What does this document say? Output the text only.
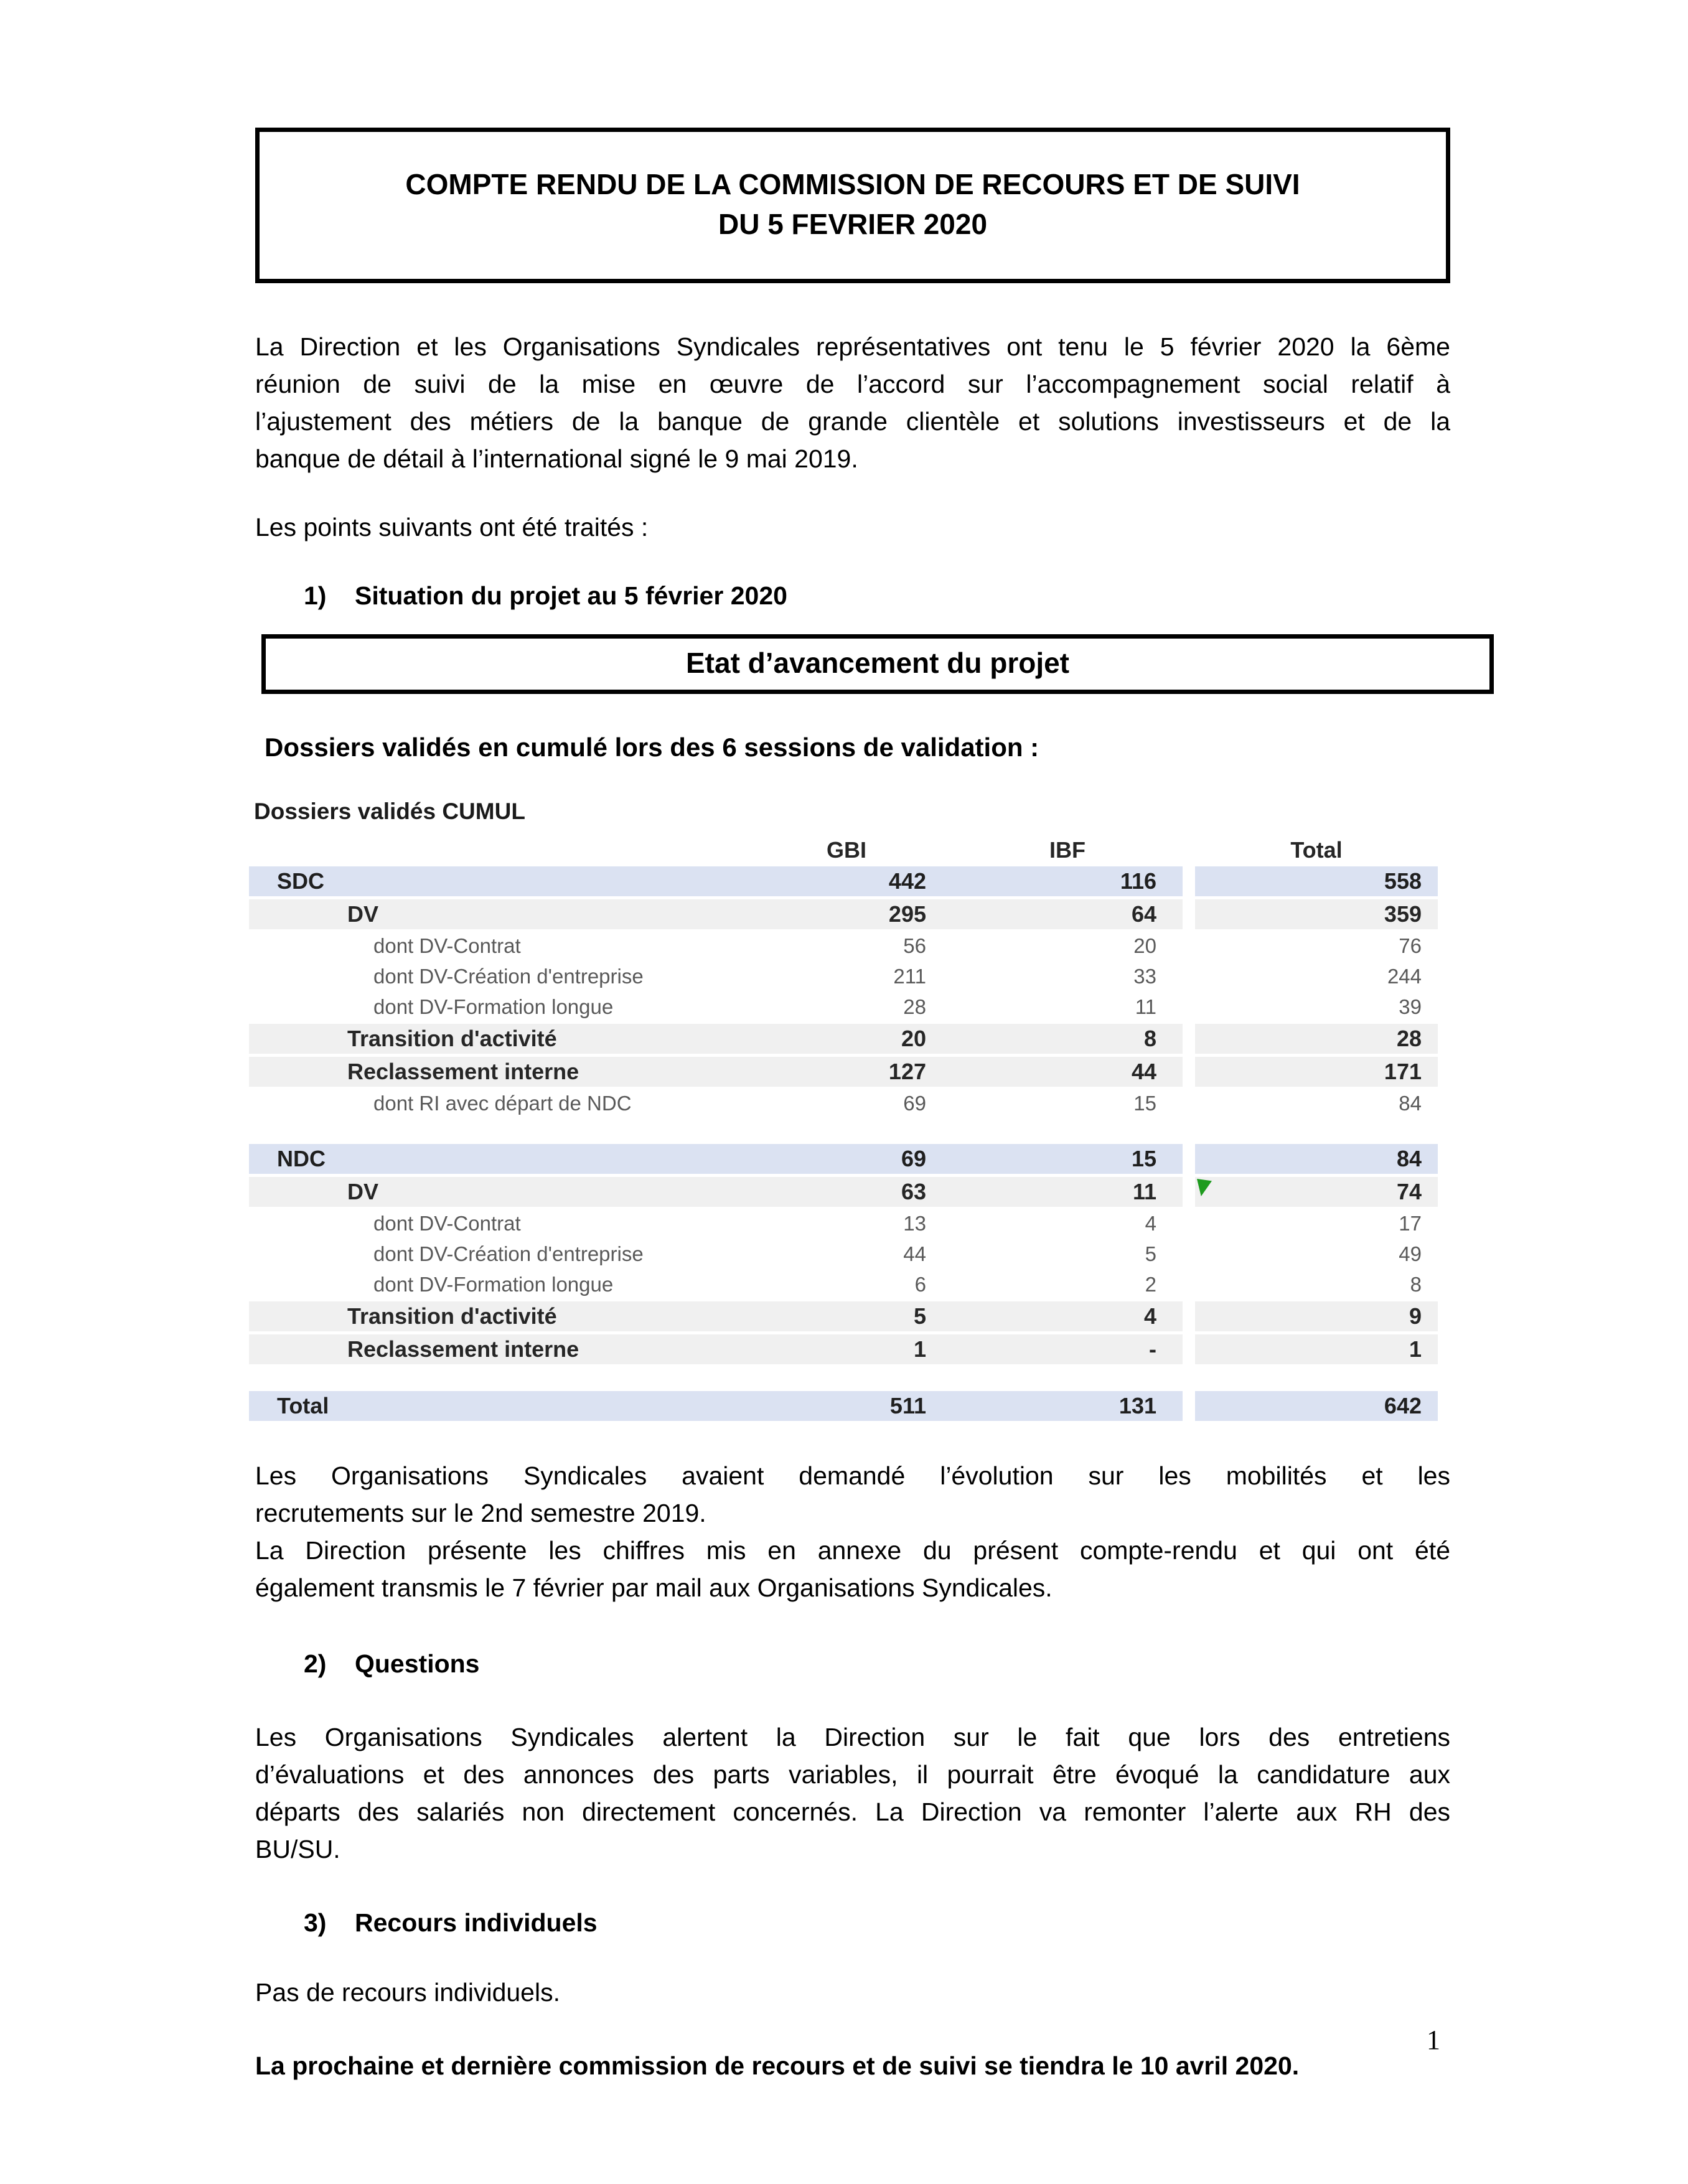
COMPTE RENDU DE LA COMMISSION DE RECOURS ET DE SUIVI
DU 5 FEVRIER 2020
La Direction et les Organisations Syndicales représentatives ont tenu le 5 février 2020 la 6ème
réunion de suivi de la mise en œuvre de l’accord sur l’accompagnement social relatif à
l’ajustement des métiers de la banque de grande clientèle et solutions investisseurs et de la
banque de détail à l’international signé le 9 mai 2019.
Les points suivants ont été traités :
1) Situation du projet au 5 février 2020
Etat d’avancement du projet
Dossiers validés en cumulé lors des 6 sessions de validation :
Dossiers validés CUMUL
GBI	IBF	Total
SDC	442	116	558
DV	295	64	359
dont DV-Contrat	56	20	76
dont DV-Création d'entreprise	211	33	244
dont DV-Formation longue	28	11	39
Transition d'activité	20	8	28
Reclassement interne	127	44	171
dont RI avec départ de NDC	69	15	84
NDC	69	15	84
DV	63	11	74
dont DV-Contrat	13	4	17
dont DV-Création d'entreprise	44	5	49
dont DV-Formation longue	6	2	8
Transition d'activité	5	4	9
Reclassement interne	1	-	1
Total	511	131	642
Les Organisations Syndicales avaient demandé l’évolution sur les mobilités et les
recrutements sur le 2nd semestre 2019.
La Direction présente les chiffres mis en annexe du présent compte-rendu et qui ont été
également transmis le 7 février par mail aux Organisations Syndicales.
2) Questions
Les Organisations Syndicales alertent la Direction sur le fait que lors des entretiens
d’évaluations et des annonces des parts variables, il pourrait être évoqué la candidature aux
départs des salariés non directement concernés. La Direction va remonter l’alerte aux RH des
BU/SU.
3) Recours individuels
Pas de recours individuels.
La prochaine et dernière commission de recours et de suivi se tiendra le 10 avril 2020.
1
